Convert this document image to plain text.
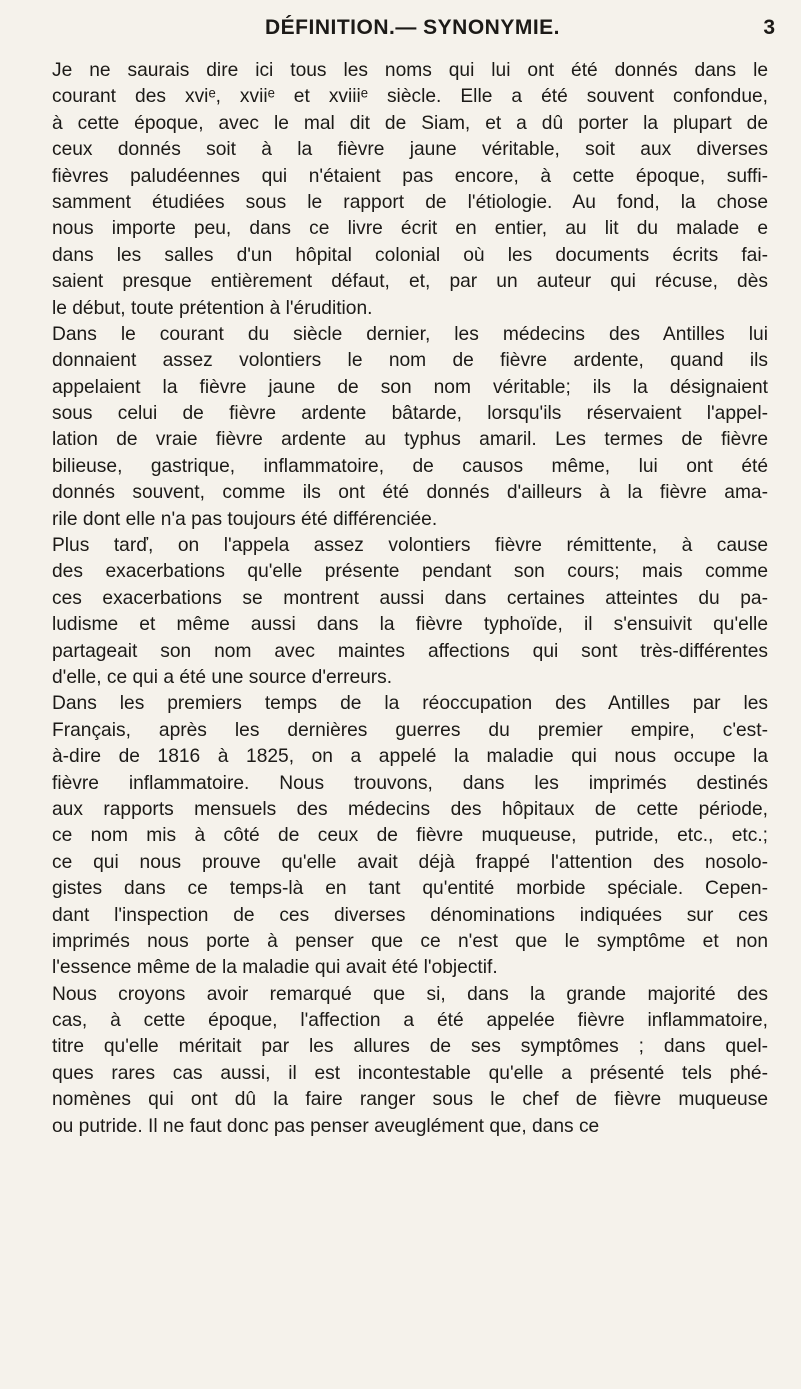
DÉFINITION.— SYNONYMIE.	3
Je ne saurais dire ici tous les noms qui lui ont été donnés dans le
courant des xviᵉ, xviiᵉ et xviiiᵉ siècle. Elle a été souvent confondue,
à cette époque, avec le mal dit de Siam, et a dû porter la plupart de
ceux donnés soit à la fièvre jaune véritable, soit aux diverses
fièvres paludéennes qui n'étaient pas encore, à cette époque, suffi-
samment étudiées sous le rapport de l'étiologie. Au fond, la chose
nous importe peu, dans ce livre écrit en entier, au lit du malade e
dans les salles d'un hôpital colonial où les documents écrits fai-
saient presque entièrement défaut, et, par un auteur qui récuse, dès
le début, toute prétention à l'érudition.
Dans le courant du siècle dernier, les médecins des Antilles lui
donnaient assez volontiers le nom de fièvre ardente, quand ils
appelaient la fièvre jaune de son nom véritable; ils la désignaient
sous celui de fièvre ardente bâtarde, lorsqu'ils réservaient l'appel-
lation de vraie fièvre ardente au typhus amaril. Les termes de fièvre
bilieuse, gastrique, inflammatoire, de causos même, lui ont été
donnés souvent, comme ils ont été donnés d'ailleurs à la fièvre ama-
rile dont elle n'a pas toujours été différenciée.
Plus tarď, on l'appela assez volontiers fièvre rémittente, à cause
des exacerbations qu'elle présente pendant son cours; mais comme
ces exacerbations se montrent aussi dans certaines atteintes du pa-
ludisme et même aussi dans la fièvre typhoïde, il s'ensuivit qu'elle
partageait son nom avec maintes affections qui sont très-différentes
d'elle, ce qui a été une source d'erreurs.
Dans les premiers temps de la réoccupation des Antilles par les
Français, après les dernières guerres du premier empire, c'est-
à-dire de 1816 à 1825, on a appelé la maladie qui nous occupe la
fièvre inflammatoire. Nous trouvons, dans les imprimés destinés
aux rapports mensuels des médecins des hôpitaux de cette période,
ce nom mis à côté de ceux de fièvre muqueuse, putride, etc., etc.;
ce qui nous prouve qu'elle avait déjà frappé l'attention des nosolo-
gistes dans ce temps-là en tant qu'entité morbide spéciale. Cepen-
dant l'inspection de ces diverses dénominations indiquées sur ces
imprimés nous porte à penser que ce n'est que le symptôme et non
l'essence même de la maladie qui avait été l'objectif.
Nous croyons avoir remarqué que si, dans la grande majorité des
cas, à cette époque, l'affection a été appelée fièvre inflammatoire,
titre qu'elle méritait par les allures de ses symptômes ; dans quel-
ques rares cas aussi, il est incontestable qu'elle a présenté tels phé-
nomènes qui ont dû la faire ranger sous le chef de fièvre muqueuse
ou putride. Il ne faut donc pas penser aveuglément que, dans ce
